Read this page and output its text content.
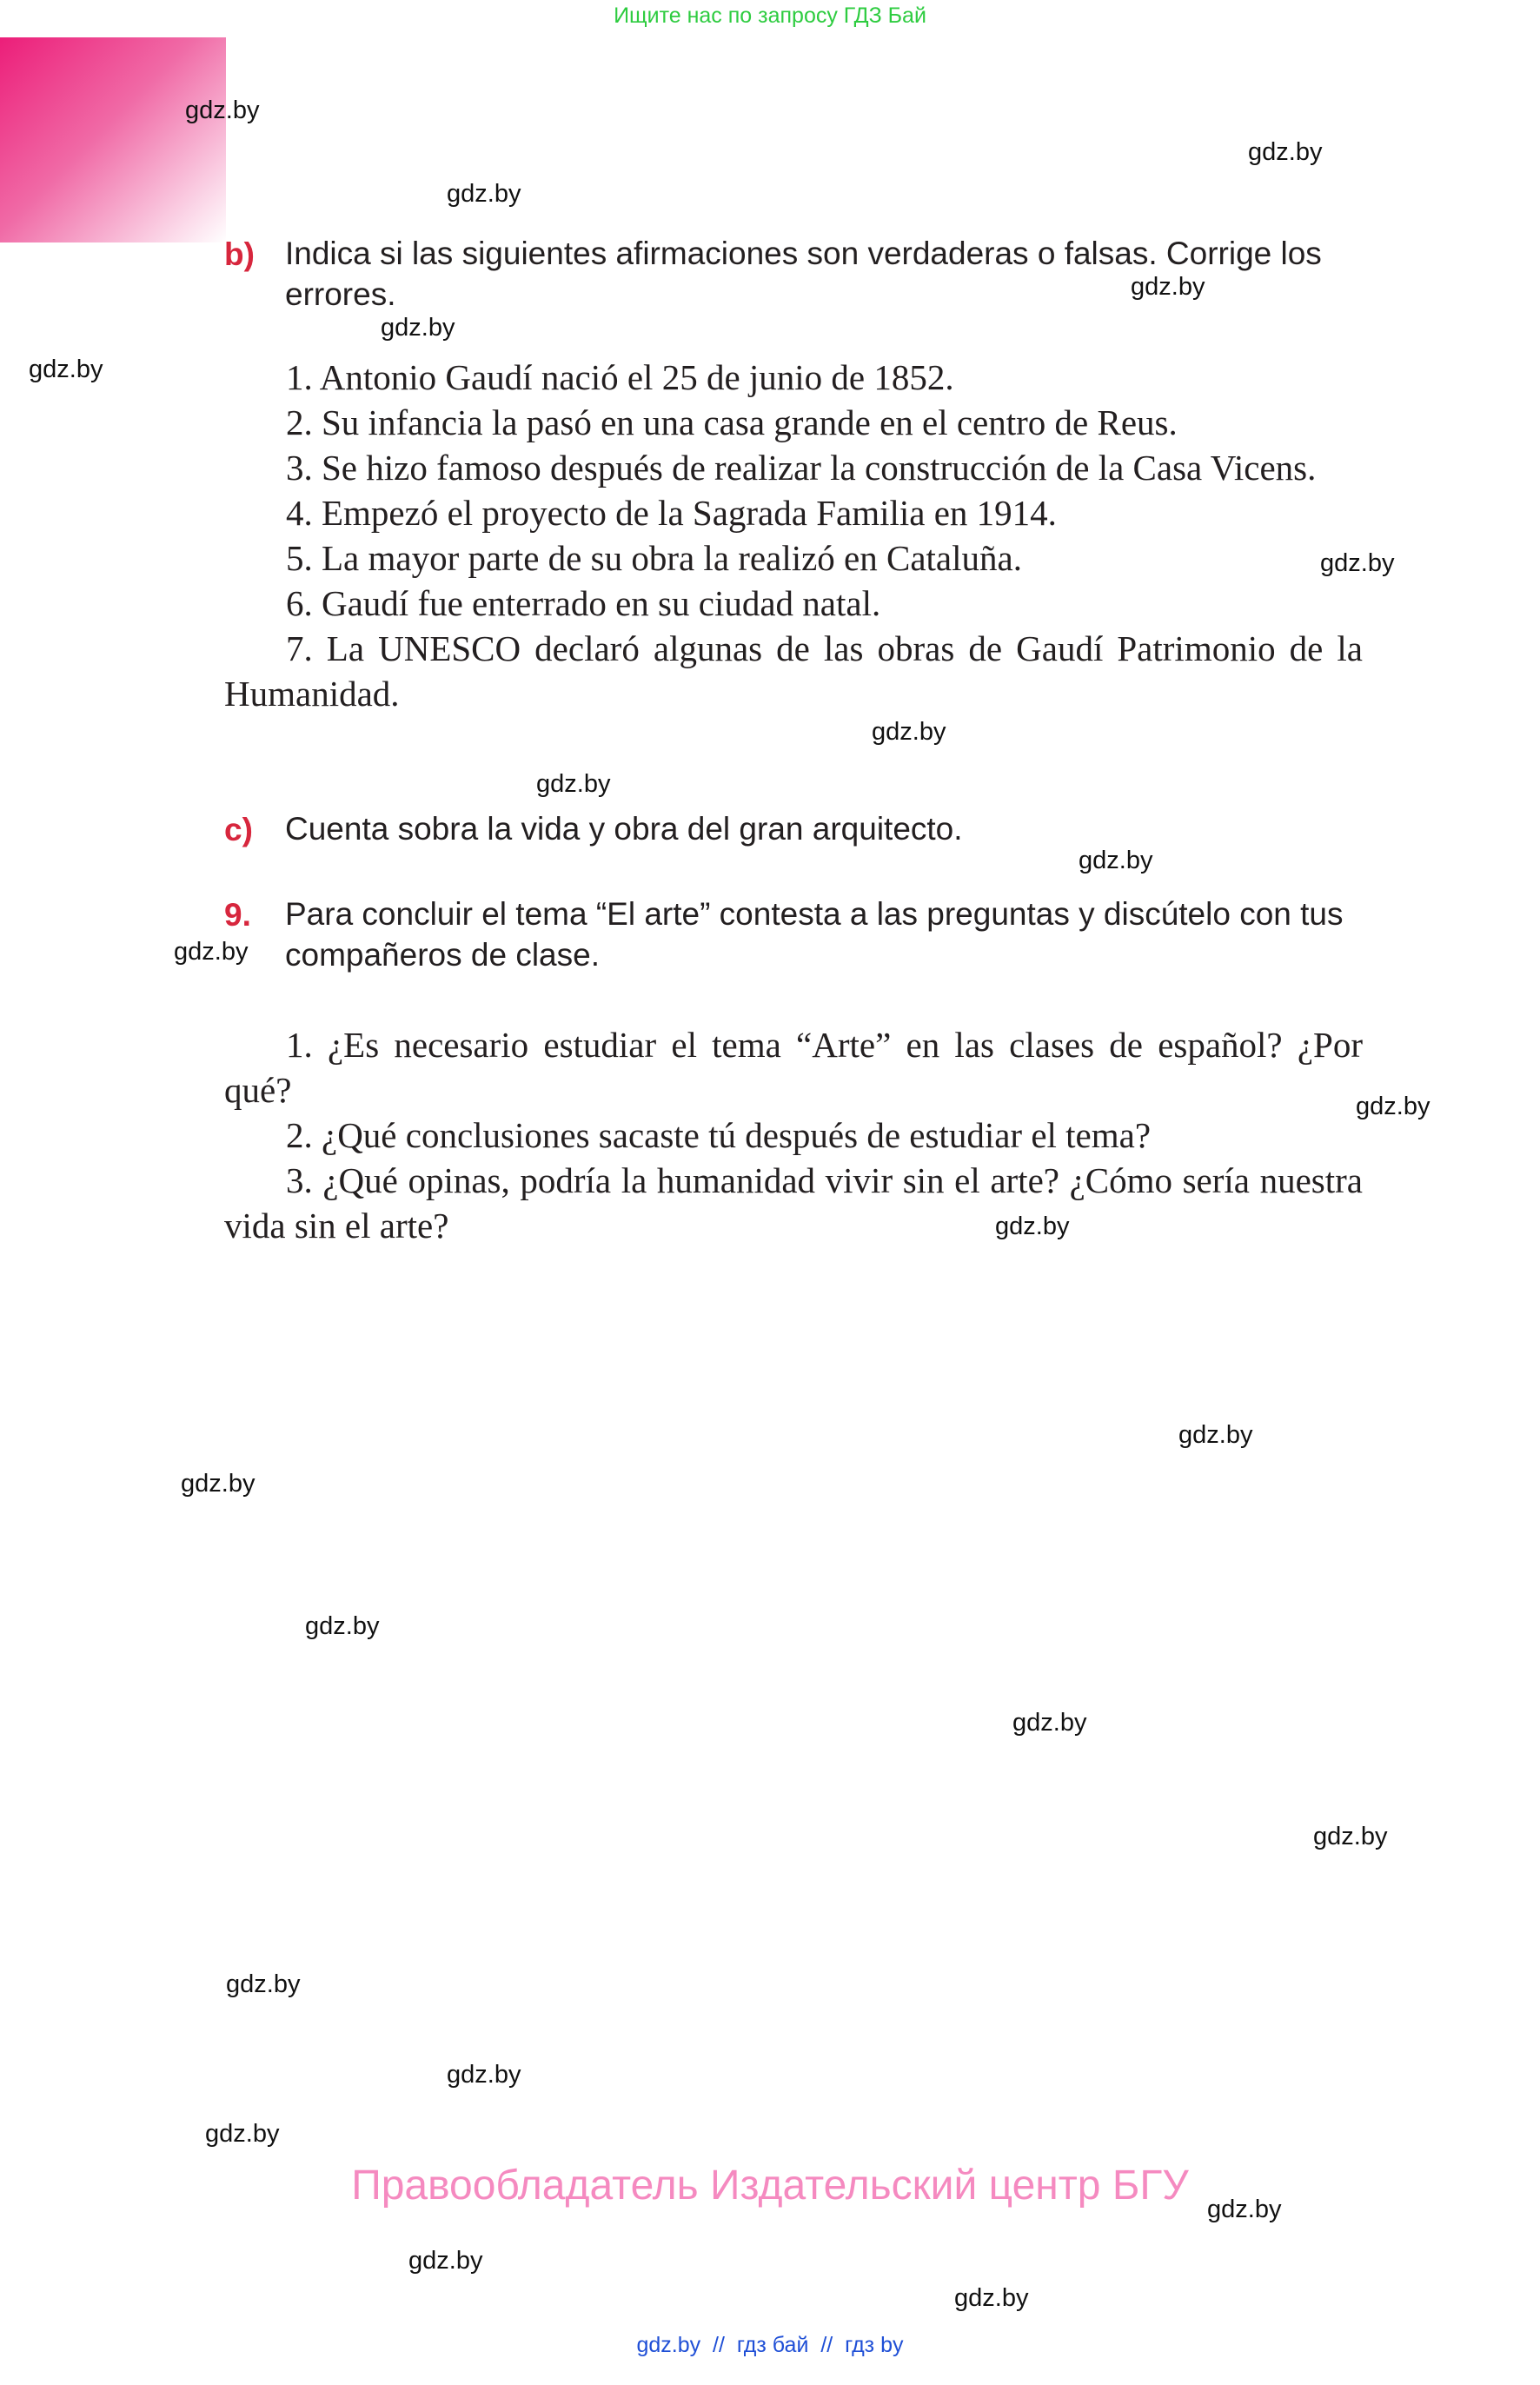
Ищите нас по запросу ГДЗ Бай
b) Indica si las siguientes afirmaciones son verdaderas o falsas. Corrige los errores.

1. Antonio Gaudí nació el 25 de junio de 1852.

2. Su infancia la pasó en una casa grande en el centro de Reus.

3. Se hizo famoso después de realizar la construcción de la Casa Vicens.

4. Empezó el proyecto de la Sagrada Familia en 1914.

5. La mayor parte de su obra la realizó en Cataluña.

6. Gaudí fue enterrado en su ciudad natal.

7. La UNESCO declaró algunas de las obras de Gaudí Patrimonio de la Humanidad.

c) Cuenta sobra la vida y obra del gran arquitecto.
9. Para concluir el tema “El arte” contesta a las preguntas y discútelo con tus compañeros de clase.

1. ¿Es necesario estudiar el tema “Arte” en las clases de español? ¿Por qué?

2. ¿Qué conclusiones sacaste tú después de estudiar el tema?

3. ¿Qué opinas, podría la humanidad vivir sin el arte? ¿Cómo sería nuestra vida sin el arte?

gdz.by
gdz.by
gdz.by
gdz.by
gdz.by
gdz.by
gdz.by
gdz.by
gdz.by
gdz.by
gdz.by
gdz.by
gdz.by
gdz.by
gdz.by
gdz.by
gdz.by
gdz.by
gdz.by
gdz.by
gdz.by
gdz.by
gdz.by
gdz.by
Правообладатель Издательский центр БГУ
gdz.by  //  гдз бай  //  гдз by
